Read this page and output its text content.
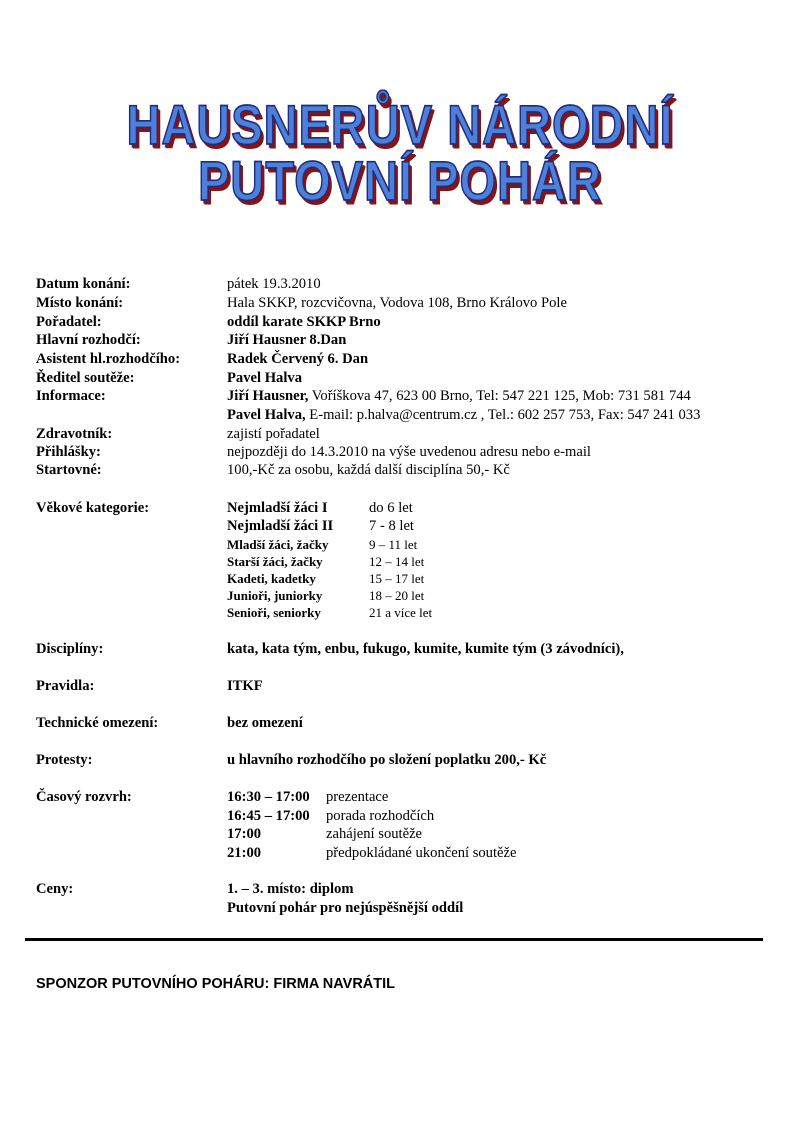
HAUSNERŮV NÁRODNÍ
PUTOVNÍ POHÁR
Datum konání:	pátek 19.3.2010
Místo konání:	Hala SKKP, rozcvičovna, Vodova 108, Brno Královo Pole
Pořadatel:	oddíl karate SKKP Brno
Hlavní rozhodčí:	Jiří Hausner 8.Dan
Asistent hl.rozhodčího:	Radek Červený 6. Dan
Ředitel soutěže:	Pavel Halva
Informace:	Jiří Hausner, Voříškova 47, 623 00 Brno, Tel: 547 221 125, Mob: 731 581 744
Pavel Halva, E-mail: p.halva@centrum.cz , Tel.: 602 257 753, Fax: 547 241 033
Zdravotník:	zajistí pořadatel
Přihlášky:	nejpozději do 14.3.2010 na výše uvedenou adresu nebo e-mail
Startovné:	100,-Kč za osobu, každá další disciplína 50,- Kč
Věkové kategorie:	Nejmladší žáci I	do 6 let
Nejmladší žáci II 7 - 8 let
Mladší žáci, žačky	9 – 11 let
Starší žáci, žačky	12 – 14 let
Kadeti, kadetky	15 – 17 let
Junioři, juniorky	18 – 20 let
Senioři, seniorky	21 a více let
Disciplíny:	kata, kata tým, enbu, fukugo, kumite, kumite tým (3 závodníci),
Pravidla:	ITKF
Technické omezení:	bez omezení
Protesty:	u hlavního rozhodčího po složení poplatku 200,- Kč
Časový rozvrh:	16:30 – 17:00 prezentace
16:45 – 17:00 porada rozhodčích
17:00	zahájení soutěže
21:00	předpokládané ukončení soutěže
Ceny:	1. – 3. místo: diplom
Putovní pohár pro nejúspěšnější oddíl
SPONZOR PUTOVNÍHO POHÁRU: FIRMA NAVRÁTIL
